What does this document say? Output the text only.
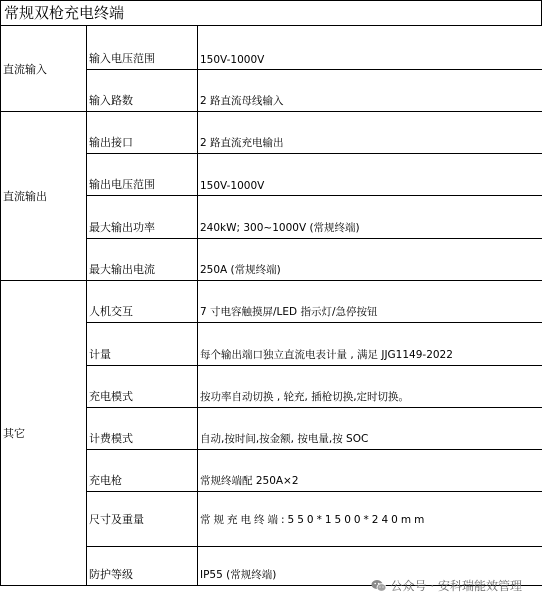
常规双枪充电终端
直流输入	输入电压范围	150V-1000V
	输入路数	2 路直流母线输入
直流输出	输出接口	2 路直流充电输出
	输出电压范围	150V-1000V
	最大输出功率	240kW; 300~1000V (常规终端)
	最大输出电流	250A (常规终端)
其它	人机交互	7 寸电容触摸屏/LED 指示灯/急停按钮
	计量	每个输出端口独立直流电表计量 , 满足 JJG1149-2022
	充电模式	按功率自动切换 , 轮充, 插枪切换,定时切换。
	计费模式	自动,按时间,按金额, 按电量,按 SOC
	充电枪	常规终端配 250A×2
	尺寸及重量	常规充电终端:550*1500*240mm
	防护等级	IP55 (常规终端)
公众号 · 安科瑞能效管理
